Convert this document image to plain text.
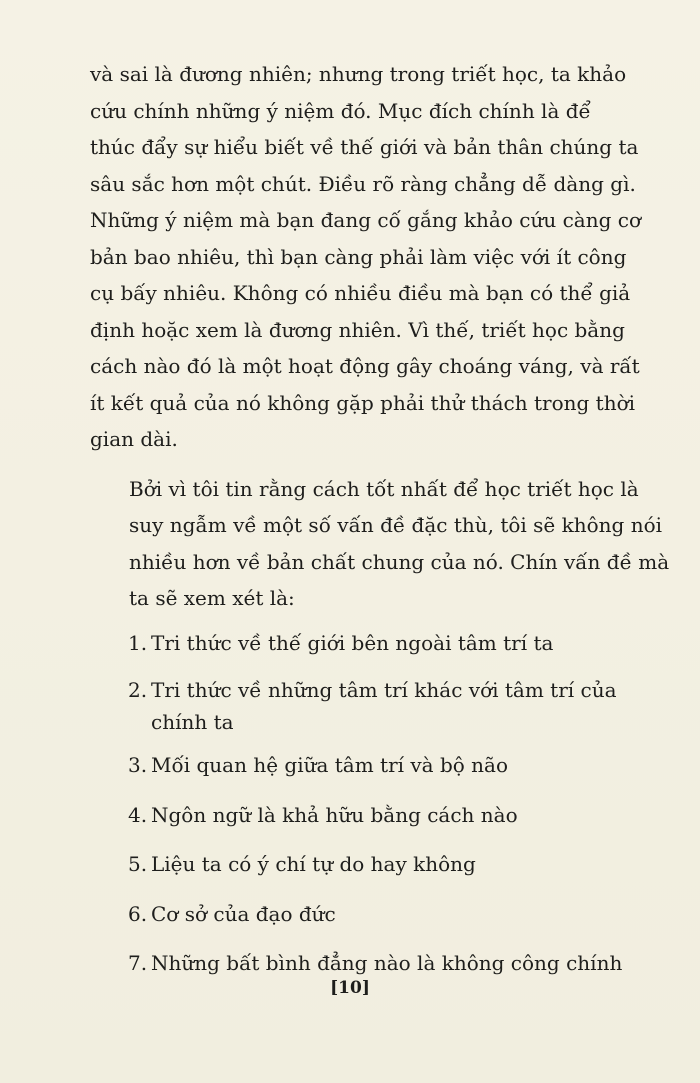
và sai là đương nhiên; nhưng trong triết học, ta khảo
cứu chính những ý niệm đó. Mục đích chính là để
thúc đẩy sự hiểu biết về thế giới và bản thân chúng ta
sâu sắc hơn một chút. Điều rõ ràng chẳng dễ dàng gì.
Những ý niệm mà bạn đang cố gắng khảo cứu càng cơ
bản bao nhiêu, thì bạn càng phải làm việc với ít công
cụ bấy nhiêu. Không có nhiều điều mà bạn có thể giả
định hoặc xem là đương nhiên. Vì thế, triết học bằng
cách nào đó là một hoạt động gây choáng váng, và rất
ít kết quả của nó không gặp phải thử thách trong thời
gian dài.

Bởi vì tôi tin rằng cách tốt nhất để học triết học là
suy ngẫm về một số vấn đề đặc thù, tôi sẽ không nói
nhiều hơn về bản chất chung của nó. Chín vấn đề mà
ta sẽ xem xét là:

1. Tri thức về thế giới bên ngoài tâm trí ta
2. Tri thức về những tâm trí khác với tâm trí của
chính ta
3. Mối quan hệ giữa tâm trí và bộ não
4. Ngôn ngữ là khả hữu bằng cách nào
5. Liệu ta có ý chí tự do hay không
6. Cơ sở của đạo đức
7. Những bất bình đẳng nào là không công chính
[10]
